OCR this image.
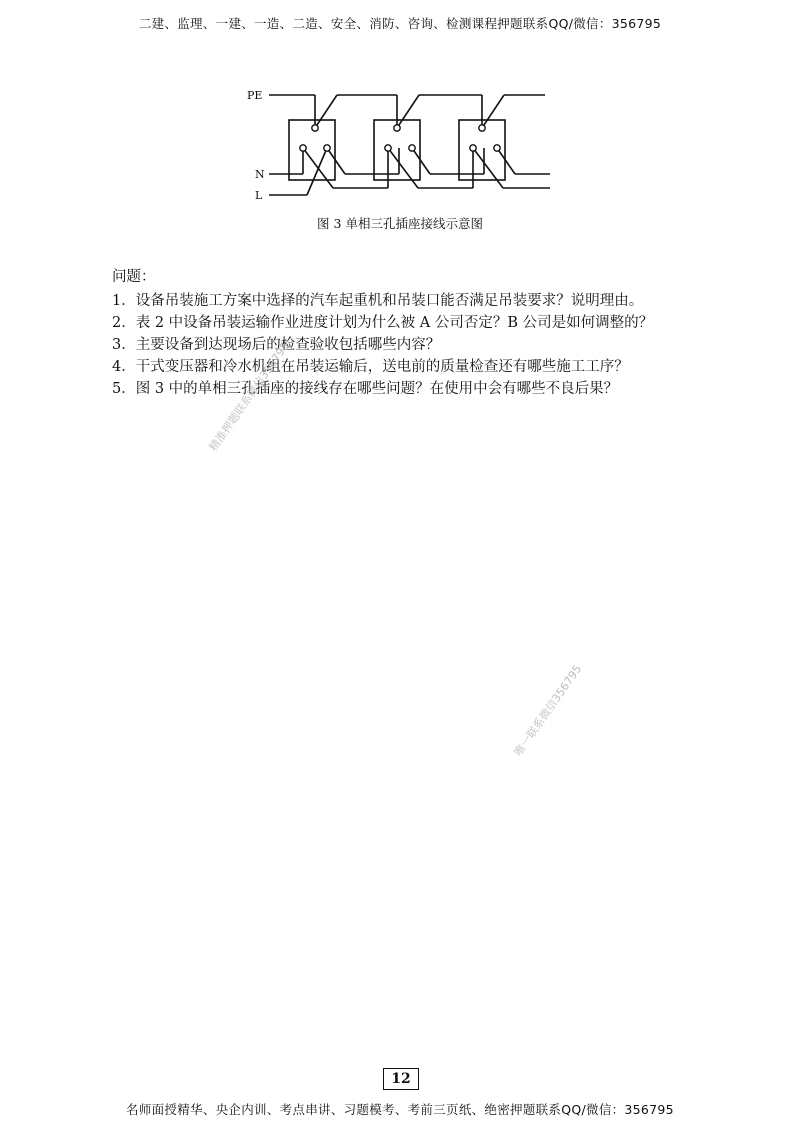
二建、监理、一建、一造、二造、安全、消防、咨询、检测课程押题联系QQ/微信：356795
PE
N
L
图 3 单相三孔插座接线示意图
问题：
1．设备吊装施工方案中选择的汽车起重机和吊装口能否满足吊装要求？说明理由。
2．表 2 中设备吊装运输作业进度计划为什么被 A 公司否定？B 公司是如何调整的？
3．主要设备到达现场后的检查验收包括哪些内容？
4．干式变压器和冷水机组在吊装运输后，送电前的质量检查还有哪些施工工序？
5．图 3 中的单相三孔插座的接线存在哪些问题？在使用中会有哪些不良后果？
精准押题联系微信356795
唯一联系微信356795
12
名师面授精华、央企内训、考点串讲、习题模考、考前三页纸、绝密押题联系QQ/微信：356795
